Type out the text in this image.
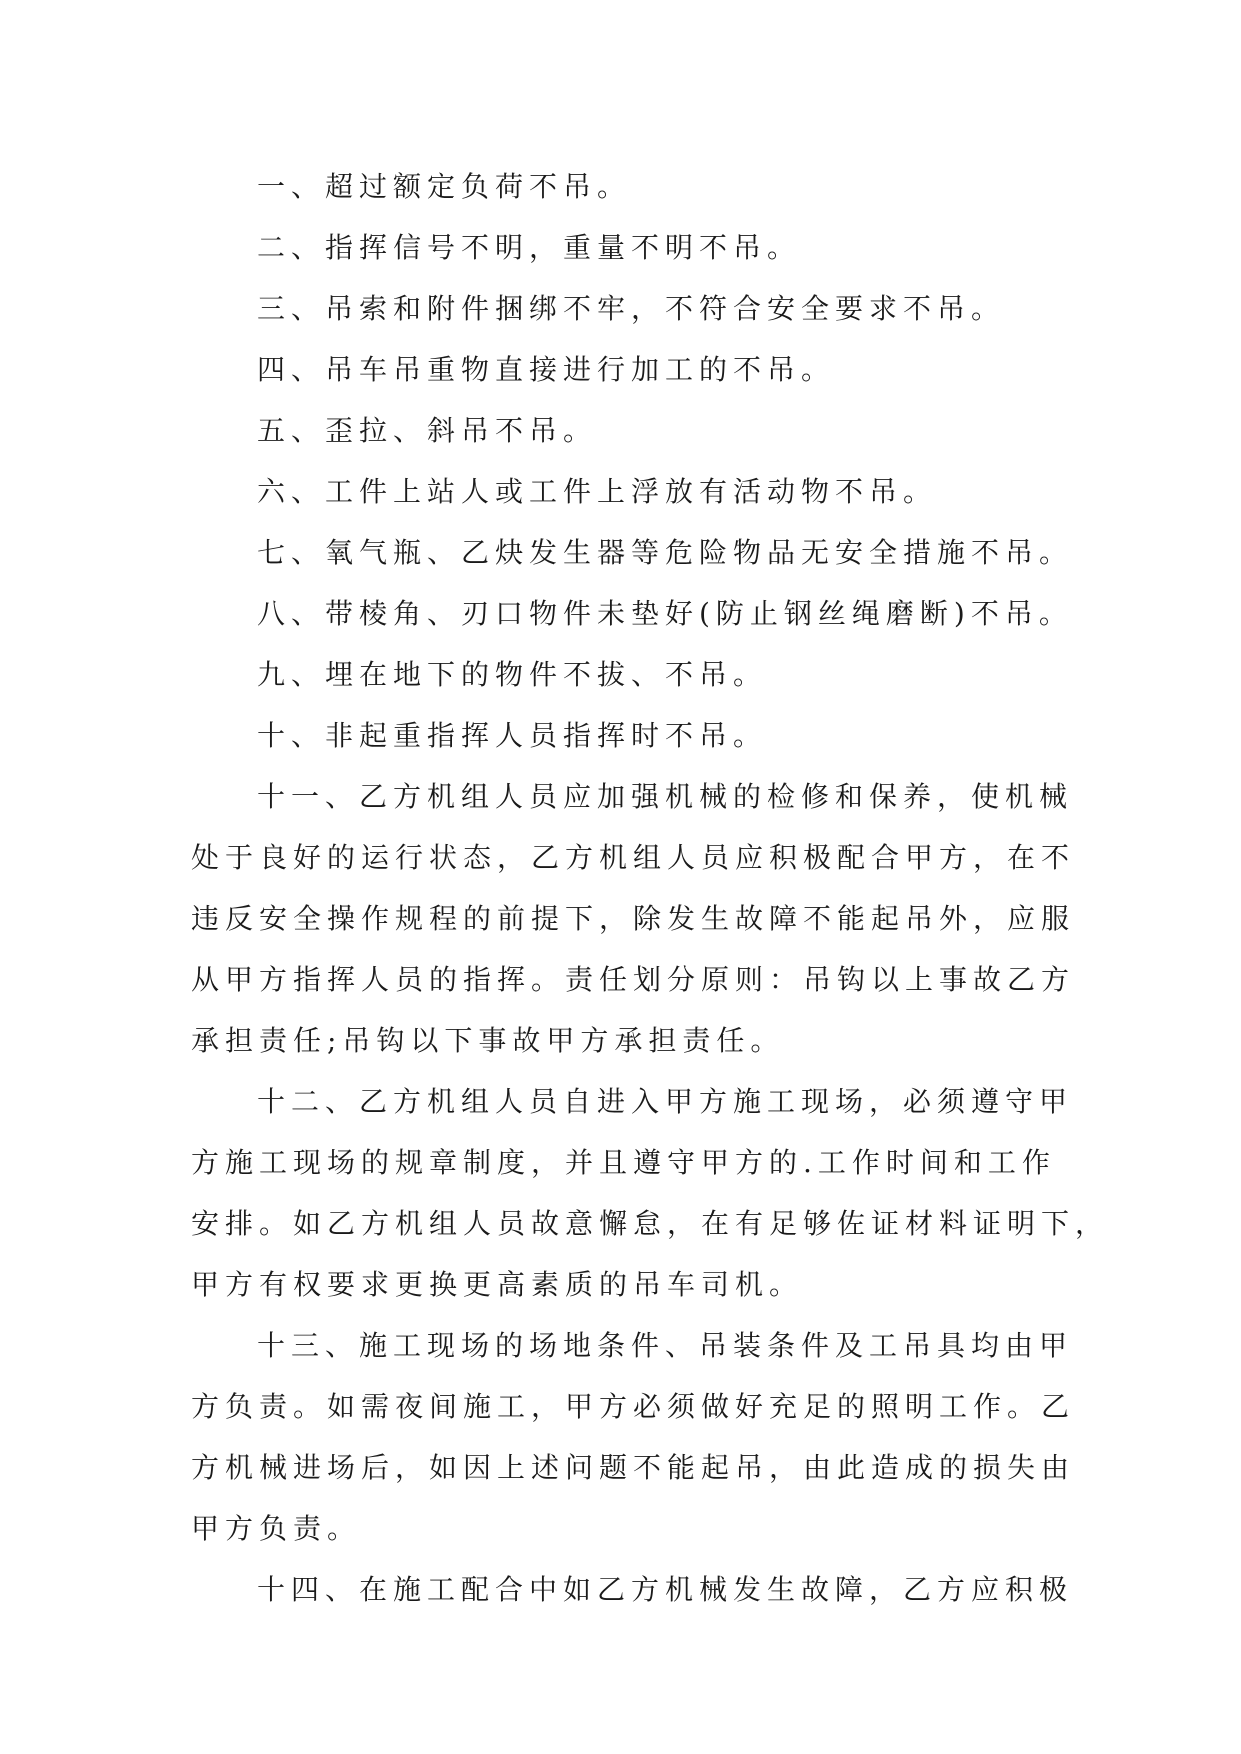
一、超过额定负荷不吊。
二、指挥信号不明，重量不明不吊。
三、吊索和附件捆绑不牢，不符合安全要求不吊。
四、吊车吊重物直接进行加工的不吊。
五、歪拉、斜吊不吊。
六、工件上站人或工件上浮放有活动物不吊。
七、氧气瓶、乙炔发生器等危险物品无安全措施不吊。
八、带棱角、刃口物件未垫好(防止钢丝绳磨断)不吊。
九、埋在地下的物件不拔、不吊。
十、非起重指挥人员指挥时不吊。
十一、乙方机组人员应加强机械的检修和保养，使机械
处于良好的运行状态，乙方机组人员应积极配合甲方，在不
违反安全操作规程的前提下，除发生故障不能起吊外，应服
从甲方指挥人员的指挥。责任划分原则：吊钩以上事故乙方
承担责任;吊钩以下事故甲方承担责任。
十二、乙方机组人员自进入甲方施工现场，必须遵守甲
方施工现场的规章制度，并且遵守甲方的.工作时间和工作
安排。如乙方机组人员故意懈怠，在有足够佐证材料证明下，
甲方有权要求更换更高素质的吊车司机。
十三、施工现场的场地条件、吊装条件及工吊具均由甲
方负责。如需夜间施工，甲方必须做好充足的照明工作。乙
方机械进场后，如因上述问题不能起吊，由此造成的损失由
甲方负责。
十四、在施工配合中如乙方机械发生故障，乙方应积极
